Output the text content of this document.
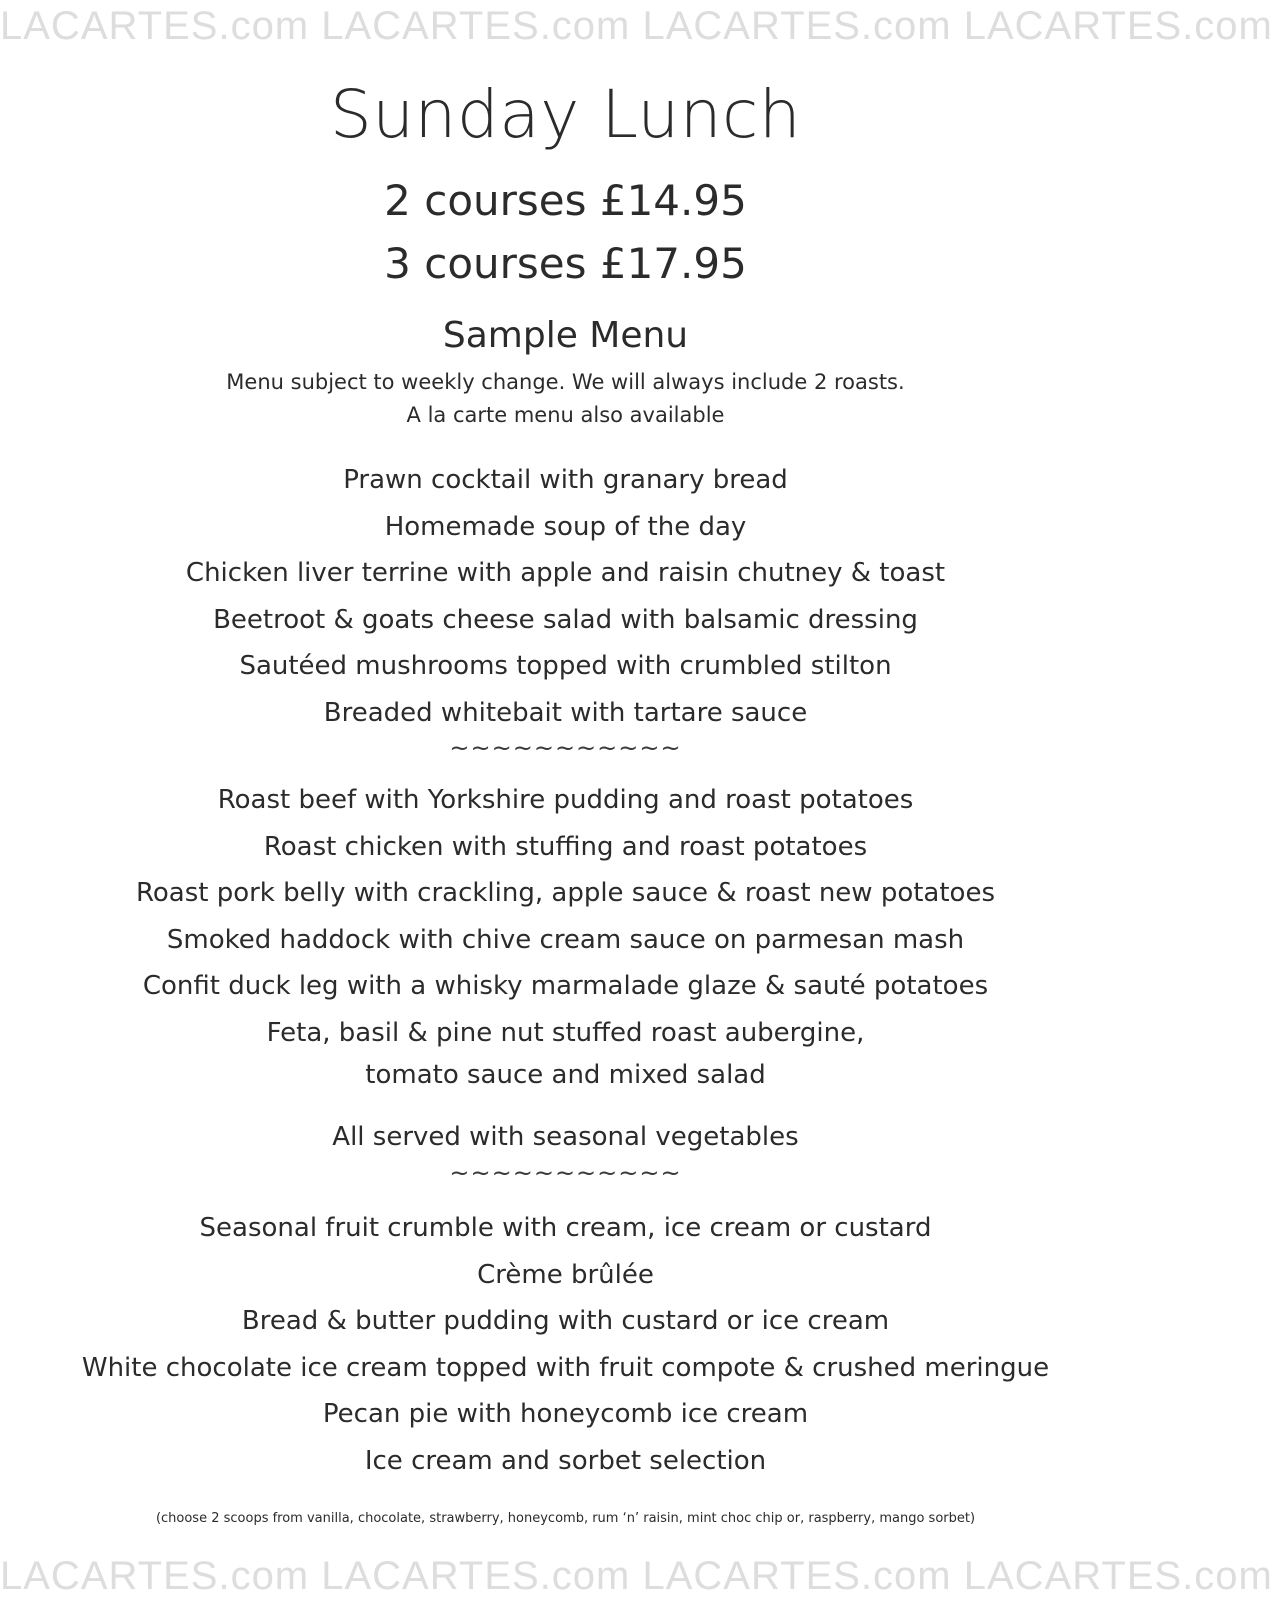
LACARTES.com LACARTES.com LACARTES.com LACARTES.com
Sunday Lunch
2 courses £14.95
3 courses £17.95
Sample Menu
Menu subject to weekly change. We will always include 2 roasts.
A la carte menu also available
Prawn cocktail with granary bread
Homemade soup of the day
Chicken liver terrine with apple and raisin chutney & toast
Beetroot & goats cheese salad with balsamic dressing
Sautéed mushrooms topped with crumbled stilton
Breaded whitebait with tartare sauce
~~~~~~~~~~~
Roast beef with Yorkshire pudding and roast potatoes
Roast chicken with stuffing and roast potatoes
Roast pork belly with crackling, apple sauce & roast new potatoes
Smoked haddock with chive cream sauce on parmesan mash
Confit duck leg with a whisky marmalade glaze & sauté potatoes
Feta, basil & pine nut stuffed roast aubergine,
tomato sauce and mixed salad
All served with seasonal vegetables
~~~~~~~~~~~
Seasonal fruit crumble with cream, ice cream or custard
Crème brûlée
Bread & butter pudding with custard or ice cream
White chocolate ice cream topped with fruit compote & crushed meringue
Pecan pie with honeycomb ice cream
Ice cream and sorbet selection
(choose 2 scoops from vanilla, chocolate, strawberry, honeycomb, rum ‘n’ raisin, mint choc chip or, raspberry, mango sorbet)
LACARTES.com LACARTES.com LACARTES.com LACARTES.com
